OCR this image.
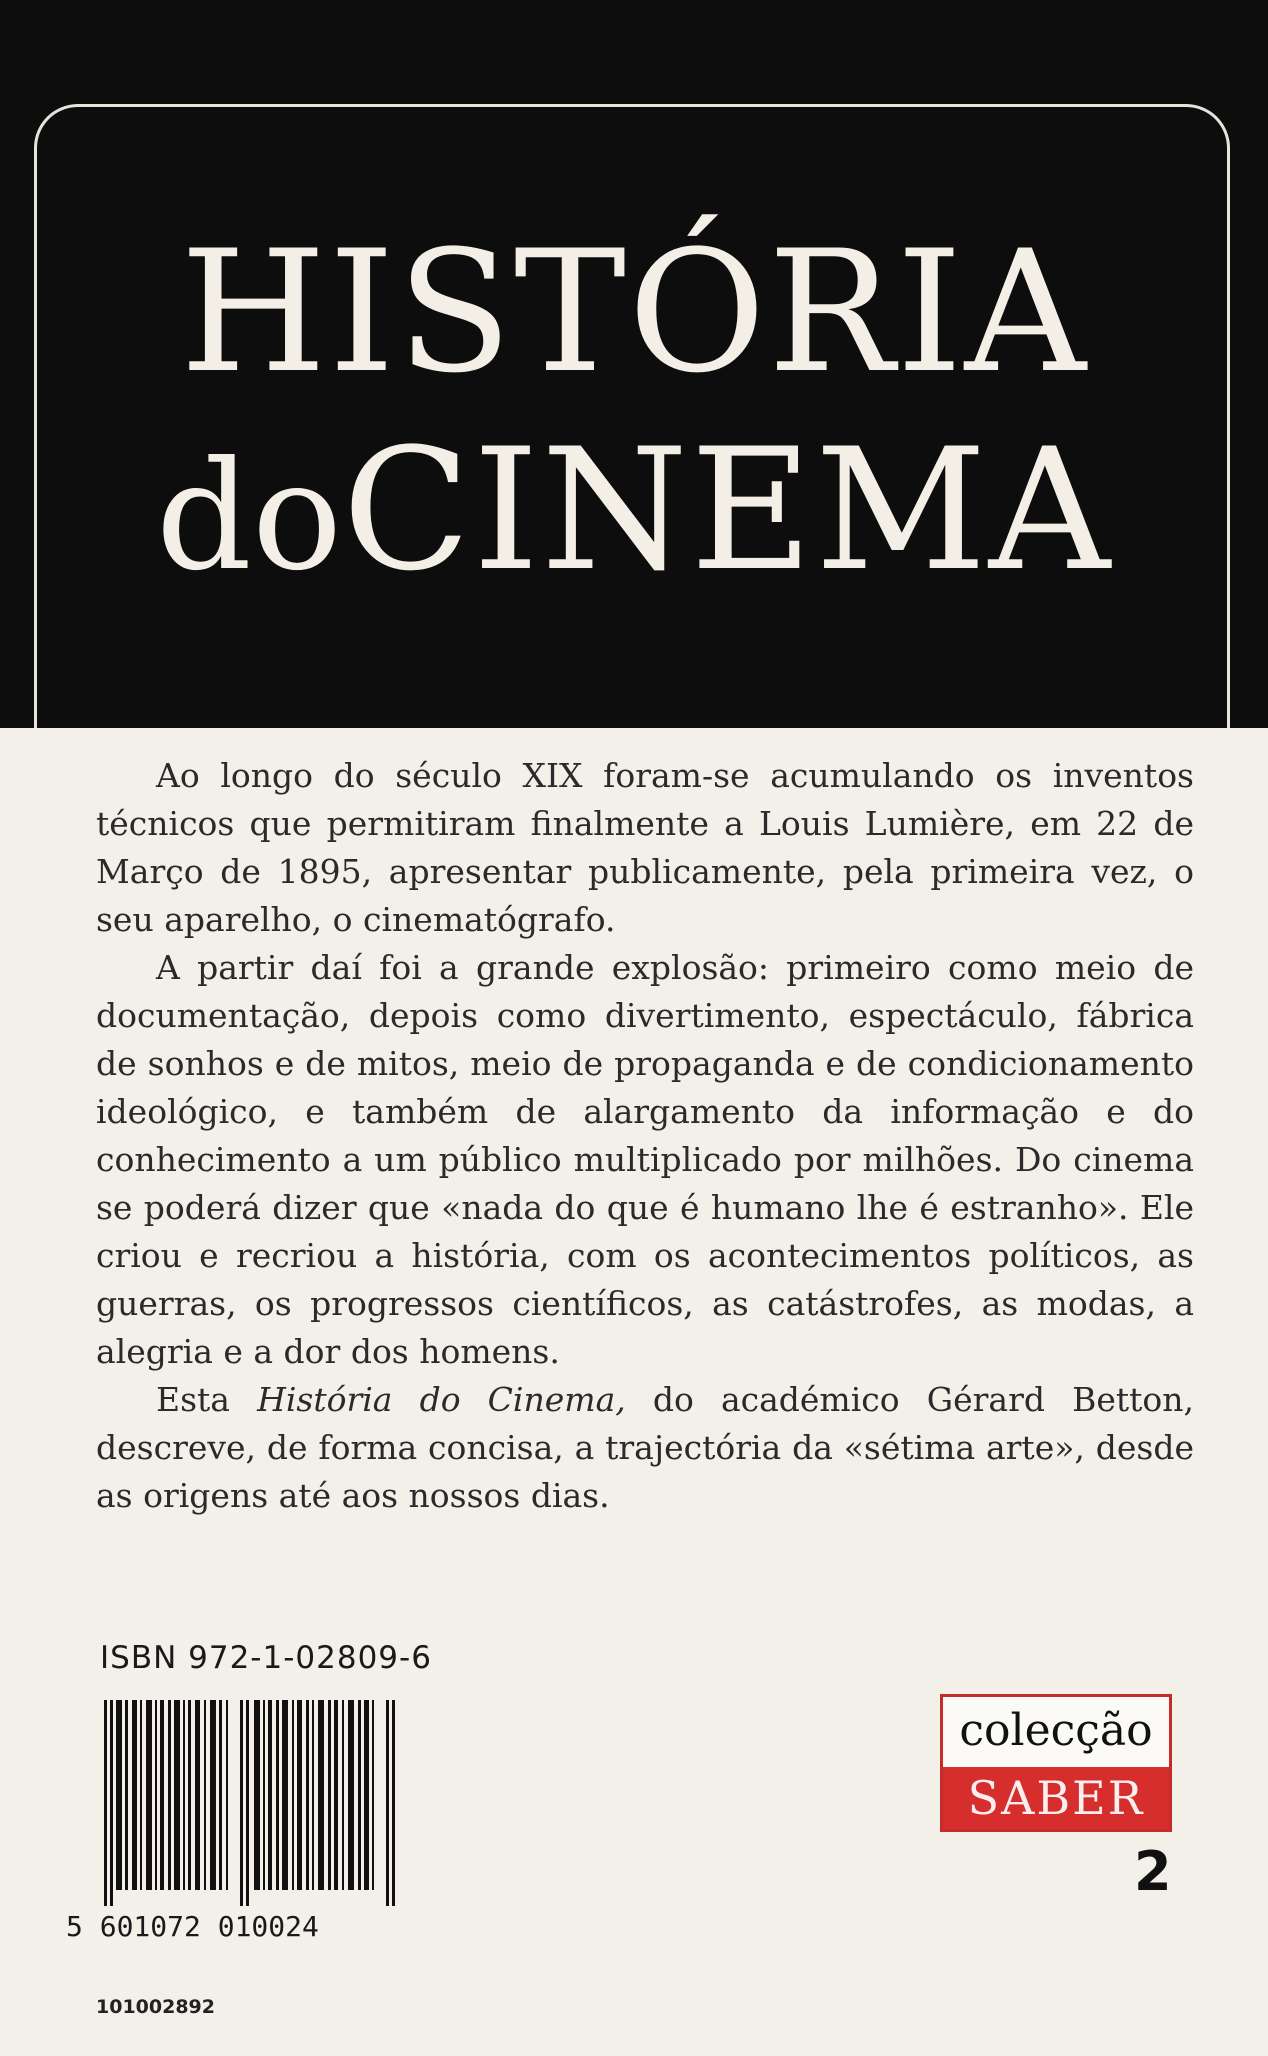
HISTÓRIA
doCINEMA

Ao longo do século XIX foram-se acumulando os inventos técnicos que permitiram finalmente a Louis Lumière, em 22 de Março de 1895, apresentar publicamente, pela primeira vez, o seu aparelho, o cinematógrafo.

A partir daí foi a grande explosão: primeiro como meio de documentação, depois como divertimento, espectáculo, fábrica de sonhos e de mitos, meio de propaganda e de condicionamento ideológico, e também de alargamento da informação e do conhecimento a um público multiplicado por milhões. Do cinema se poderá dizer que «nada do que é humano lhe é estranho». Ele criou e recriou a história, com os acontecimentos políticos, as guerras, os progressos científicos, as catástrofes, as modas, a alegria e a dor dos homens.

Esta História do Cinema, do académico Gérard Betton, descreve, de forma concisa, a trajectória da «sétima arte», desde as origens até aos nossos dias.

ISBN 972-1-02809-6
5 601072 010024
101002892
colecção
SABER
2
